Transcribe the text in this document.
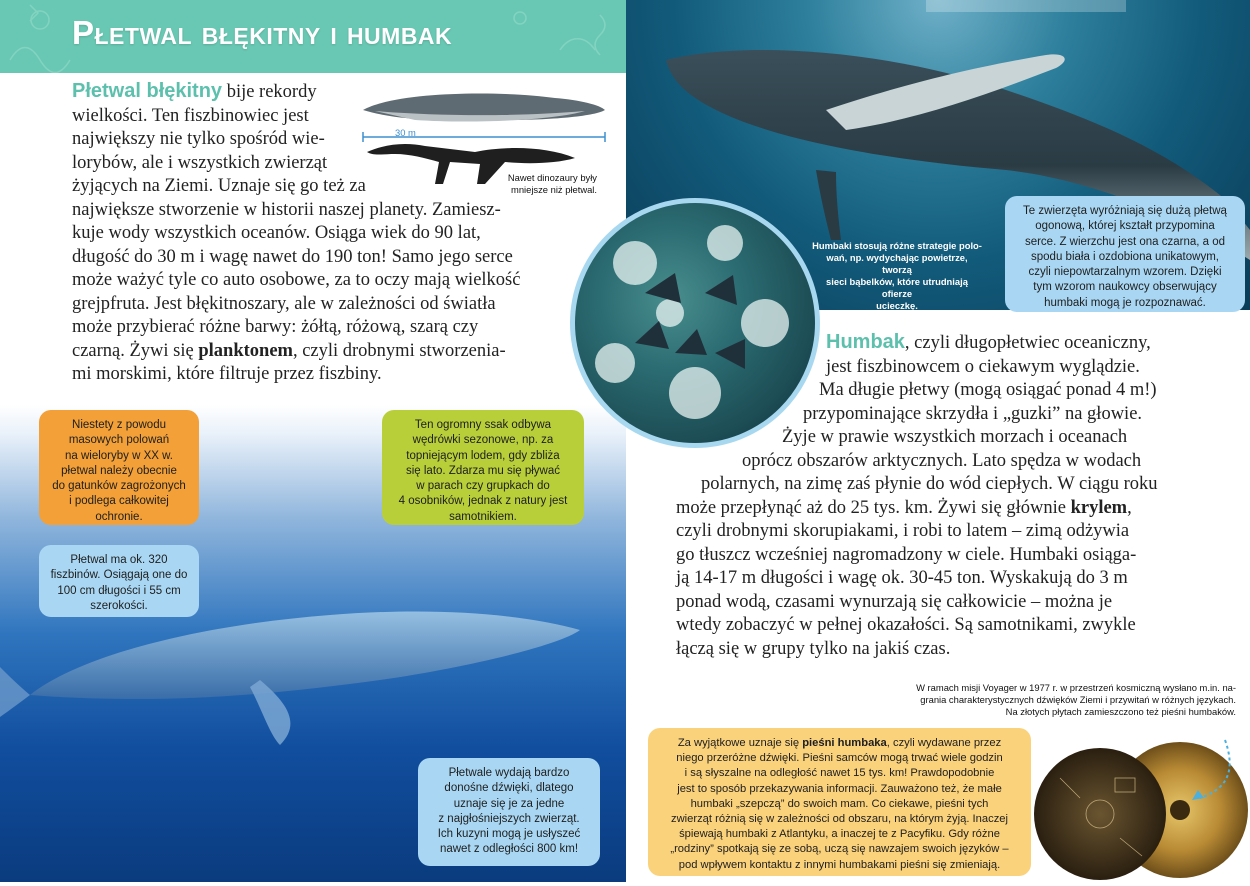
Płetwal błękitny i humbak
Płetwal błękitny bije rekordy
wielkości. Ten fiszbinowiec jest
największy nie tylko spośród wie-
lorybów, ale i wszystkich zwierząt
żyjących na Ziemi. Uznaje się go też za
największe stworzenie w historii naszej planety. Zamiesz-
kuje wody wszystkich oceanów. Osiąga wiek do 90 lat,
długość do 30 m i wagę nawet do 190 ton! Samo jego serce
może ważyć tyle co auto osobowe, za to oczy mają wielkość
grejpfruta. Jest błękitnoszary, ale w zależności od światła
może przybierać różne barwy: żółtą, różową, szarą czy
czarną. Żywi się planktonem, czyli drobnymi stworzenia-
mi morskimi, które filtruje przez fiszbiny.
30 m
Nawet dinozaury były
mniejsze niż płetwal.
Niestety z powodu
masowych polowań
na wieloryby w XX w.
płetwal należy obecnie
do gatunków zagrożonych
i podlega całkowitej
ochronie.
Ten ogromny ssak odbywa
wędrówki sezonowe, np. za
topniejącym lodem, gdy zbliża
się lato. Zdarza mu się pływać
w parach czy grupkach do
4 osobników, jednak z natury jest
samotnikiem.
Płetwal ma ok. 320
fiszbinów. Osiągają one do
100 cm długości i 55 cm
szerokości.
Płetwale wydają bardzo
donośne dźwięki, dlatego
uznaje się je za jedne
z najgłośniejszych zwierząt.
Ich kuzyni mogą je usłyszeć
nawet z odległości 800 km!
Te zwierzęta wyróżniają się dużą płetwą
ogonową, której kształt przypomina
serce. Z wierzchu jest ona czarna, a od
spodu biała i ozdobiona unikatowym,
czyli niepowtarzalnym wzorem. Dzięki
tym wzorom naukowcy obserwujący
humbaki mogą je rozpoznawać.
Humbaki stosują różne strategie polo-
wań, np. wydychając powietrze, tworzą
sieci bąbelków, które utrudniają ofierze
ucieczkę.
Humbak, czyli długopłetwiec oceaniczny,
jest fiszbinowcem o ciekawym wyglądzie.
Ma długie płetwy (mogą osiągać ponad 4 m!)
przypominające skrzydła i „guzki” na głowie.
Żyje w prawie wszystkich morzach i oceanach
oprócz obszarów arktycznych. Lato spędza w wodach
polarnych, na zimę zaś płynie do wód ciepłych. W ciągu roku
może przepłynąć aż do 25 tys. km. Żywi się głównie krylem,
czyli drobnymi skorupiakami, i robi to latem – zimą odżywia
go tłuszcz wcześniej nagromadzony w ciele. Humbaki osiąga-
ją 14-17 m długości i wagę ok. 30-45 ton. Wyskakują do 3 m
ponad wodą, czasami wynurzają się całkowicie – można je
wtedy zobaczyć w pełnej okazałości. Są samotnikami, zwykle
łączą się w grupy tylko na jakiś czas.
W ramach misji Voyager w 1977 r. w przestrzeń kosmiczną wysłano m.in. na-
grania charakterystycznych dźwięków Ziemi i przywitań w różnych językach.
Na złotych płytach zamieszczono też pieśni humbaków.
Za wyjątkowe uznaje się pieśni humbaka, czyli wydawane przez
niego przeróżne dźwięki. Pieśni samców mogą trwać wiele godzin
i są słyszalne na odległość nawet 15 tys. km! Prawdopodobnie
jest to sposób przekazywania informacji. Zauważono też, że małe
humbaki „szepczą” do swoich mam. Co ciekawe, pieśni tych
zwierząt różnią się w zależności od obszaru, na którym żyją. Inaczej
śpiewają humbaki z Atlantyku, a inaczej te z Pacyfiku. Gdy różne
„rodziny” spotkają się ze sobą, uczą się nawzajem swoich języków –
pod wpływem kontaktu z innymi humbakami pieśni się zmieniają.
